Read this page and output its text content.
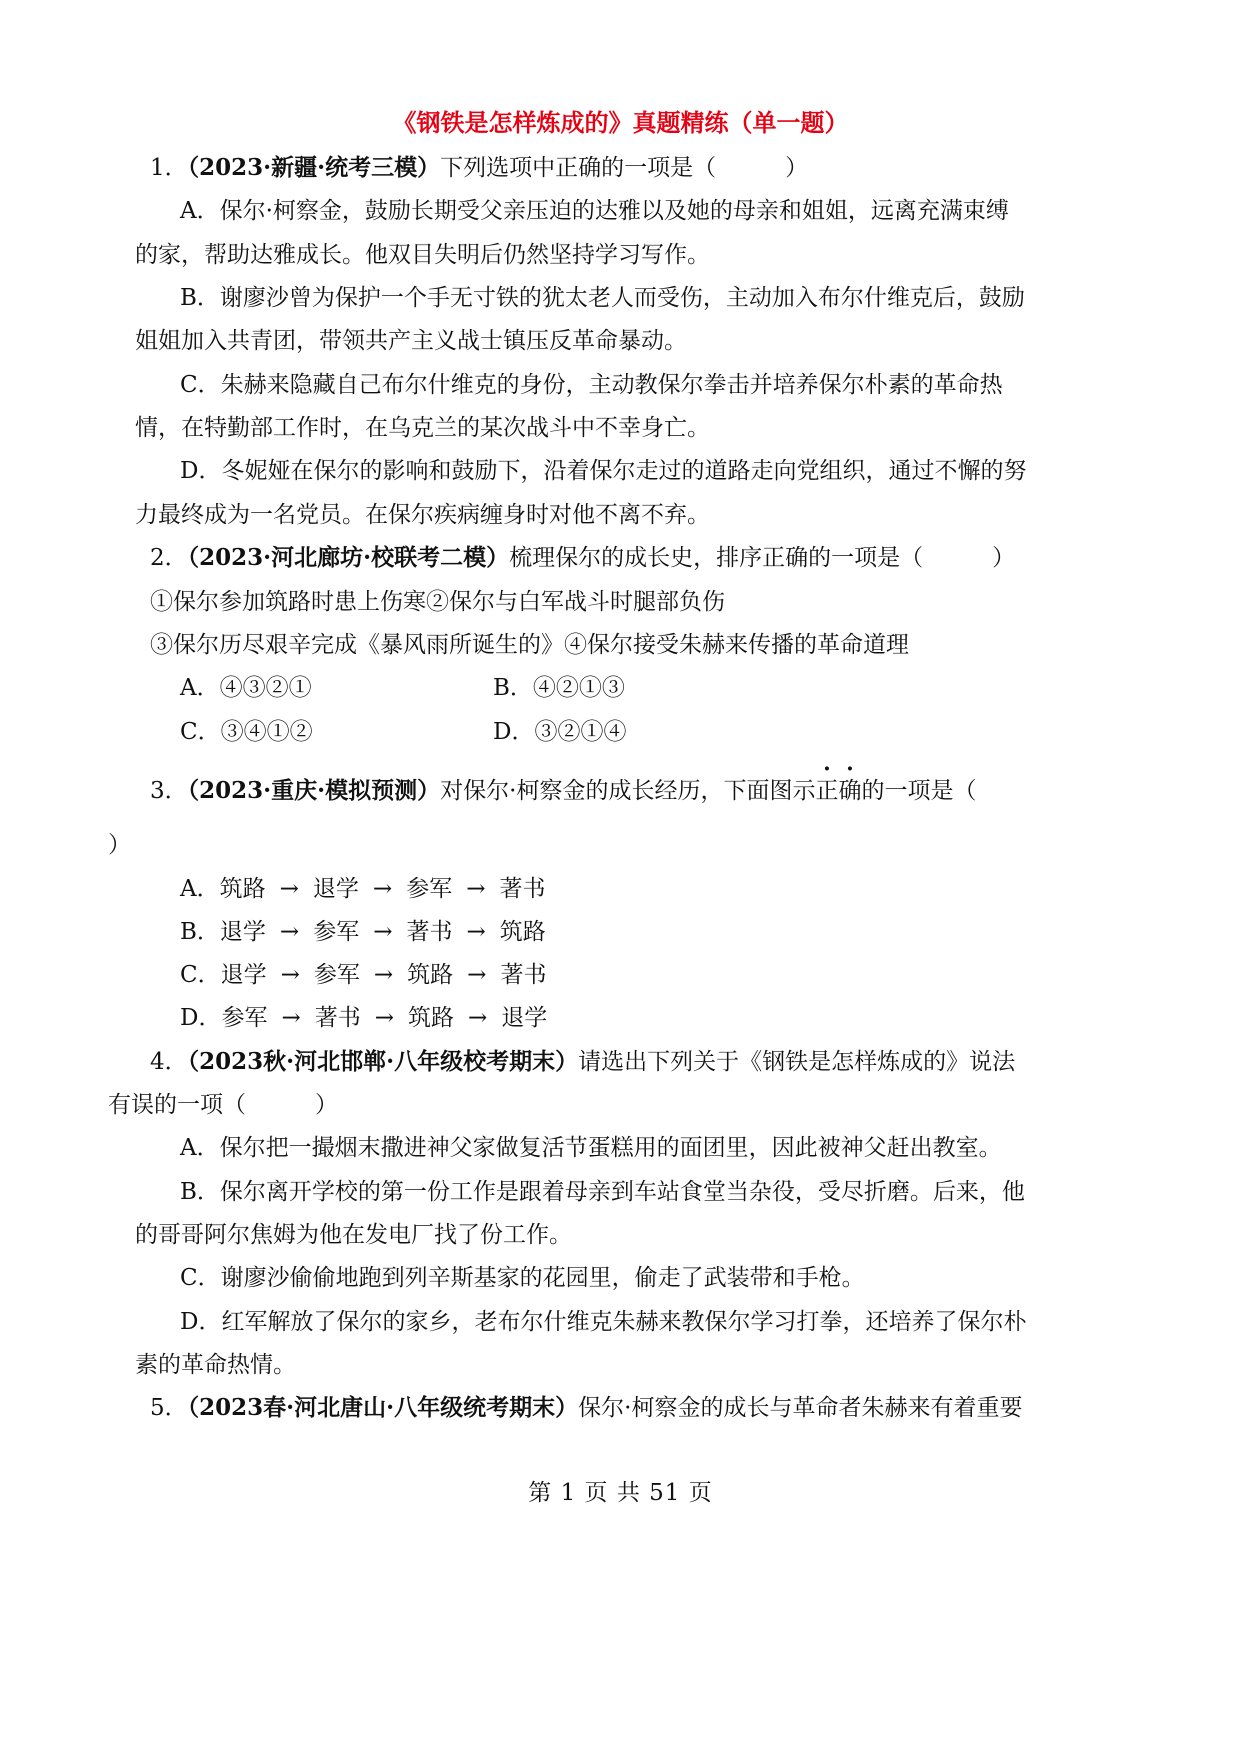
《钢铁是怎样炼成的》真题精练（单一题）
1．（2023·新疆·统考三模）下列选项中正确的一项是（　　　）
A．保尔·柯察金，鼓励长期受父亲压迫的达雅以及她的母亲和姐姐，远离充满束缚
的家，帮助达雅成长。他双目失明后仍然坚持学习写作。
B．谢廖沙曾为保护一个手无寸铁的犹太老人而受伤，主动加入布尔什维克后，鼓励
姐姐加入共青团，带领共产主义战士镇压反革命暴动。
C．朱赫来隐藏自己布尔什维克的身份，主动教保尔拳击并培养保尔朴素的革命热
情，在特勤部工作时，在乌克兰的某次战斗中不幸身亡。
D．冬妮娅在保尔的影响和鼓励下，沿着保尔走过的道路走向党组织，通过不懈的努
力最终成为一名党员。在保尔疾病缠身时对他不离不弃。
2．（2023·河北廊坊·校联考二模）梳理保尔的成长史，排序正确的一项是（　　　）
①保尔参加筑路时患上伤寒②保尔与白军战斗时腿部负伤
③保尔历尽艰辛完成《暴风雨所诞生的》④保尔接受朱赫来传播的革命道理
A．④③②①	B．④②①③
C．③④①②	D．③②①④
3．（2023·重庆·模拟预测）对保尔·柯察金的成长经历，下面图示正确的一项是（
）
A．筑路 → 退学 → 参军 → 著书
B．退学 → 参军 → 著书 → 筑路
C．退学 → 参军 → 筑路 → 著书
D．参军 → 著书 → 筑路 → 退学
4．（2023秋·河北邯郸·八年级校考期末）请选出下列关于《钢铁是怎样炼成的》说法
有误的一项（　　　）
A．保尔把一撮烟末撒进神父家做复活节蛋糕用的面团里，因此被神父赶出教室。
B．保尔离开学校的第一份工作是跟着母亲到车站食堂当杂役，受尽折磨。后来，他
的哥哥阿尔焦姆为他在发电厂找了份工作。
C．谢廖沙偷偷地跑到列辛斯基家的花园里，偷走了武装带和手枪。
D．红军解放了保尔的家乡，老布尔什维克朱赫来教保尔学习打拳，还培养了保尔朴
素的革命热情。
5．（2023春·河北唐山·八年级统考期末）保尔·柯察金的成长与革命者朱赫来有着重要
第 1 页 共 51 页
